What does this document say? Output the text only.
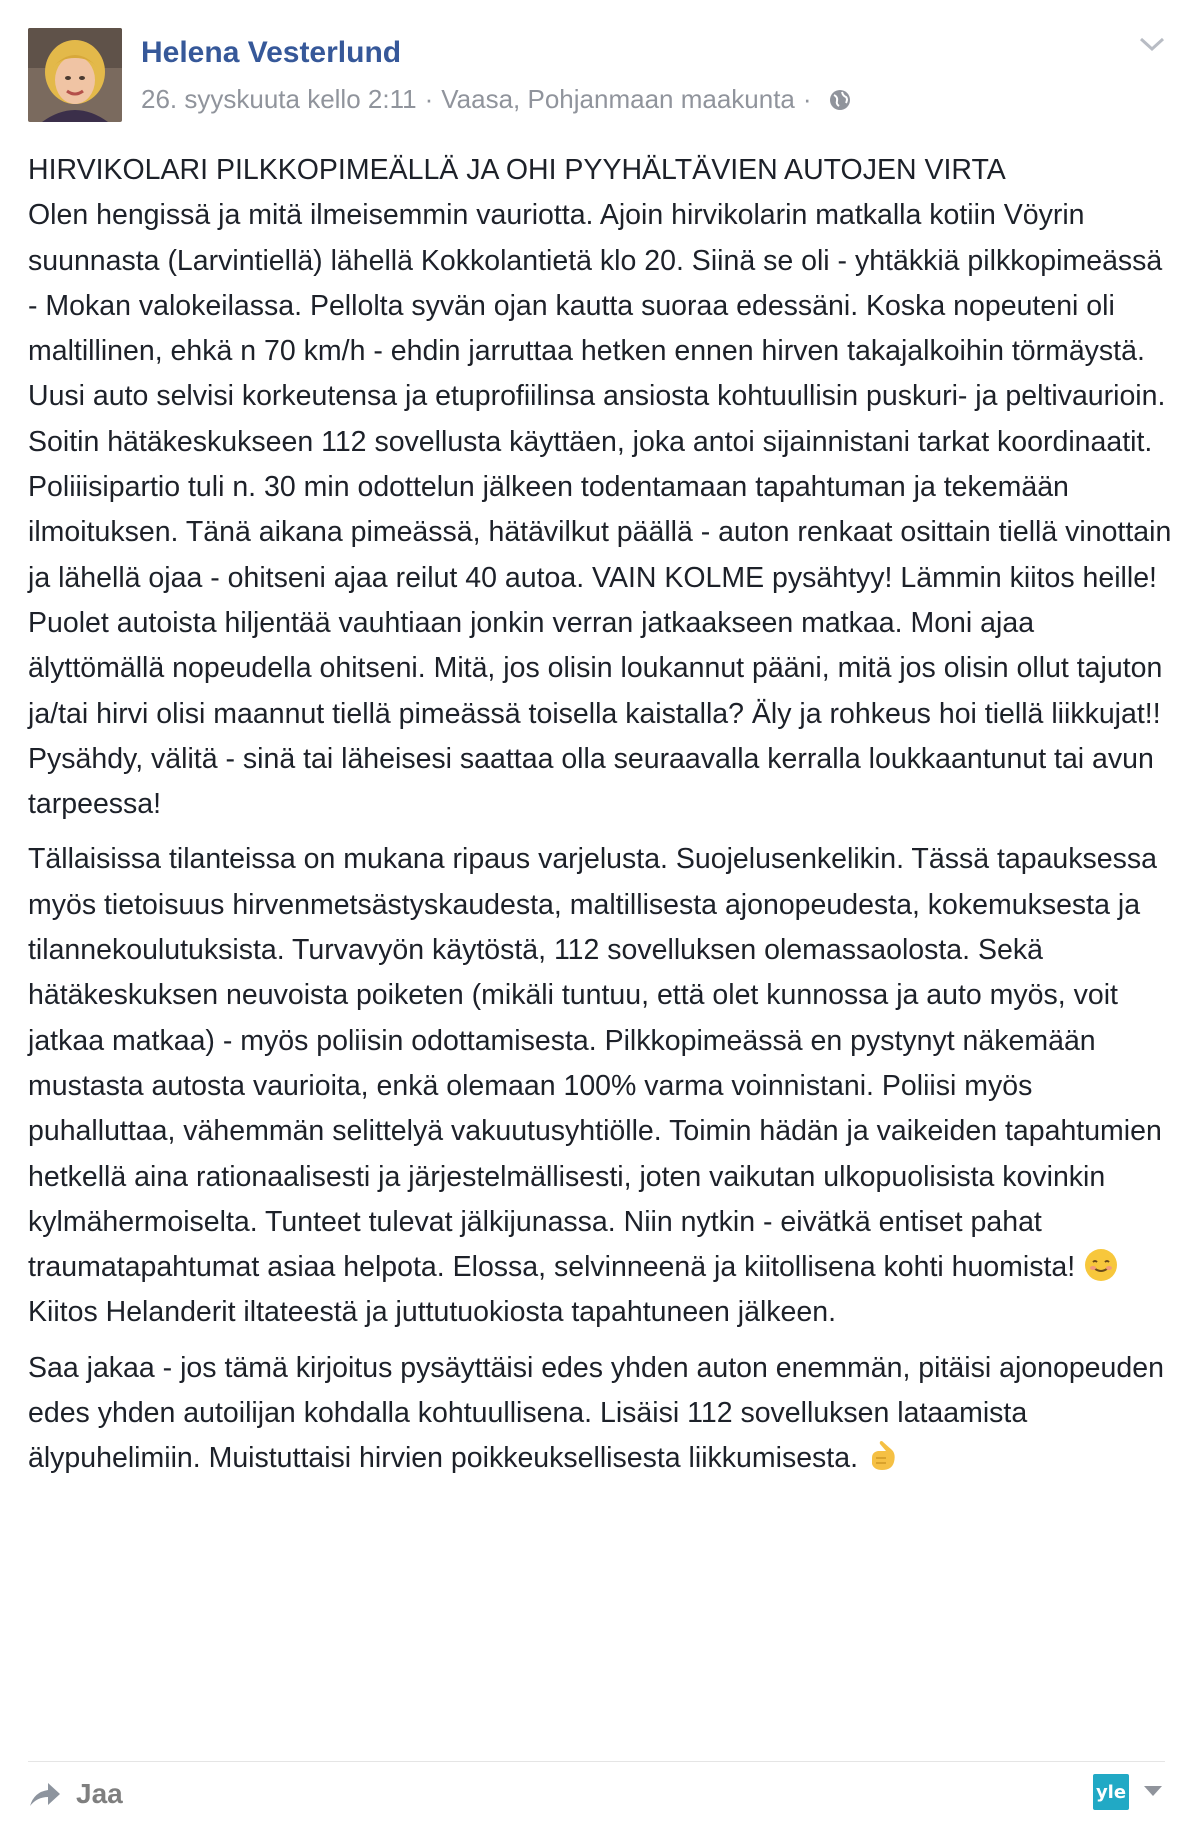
Helena Vesterlund
26. syyskuuta kello 2:11 · Vaasa, Pohjanmaan maakunta ·

HIRVIKOLARI PILKKOPIMEÄLLÄ JA OHI PYYHÄLTÄVIEN AUTOJEN VIRTA
Olen hengissä ja mitä ilmeisemmin vauriotta. Ajoin hirvikolarin matkalla kotiin Vöyrin suunnasta (Larvintiellä) lähellä Kokkolantietä klo 20. Siinä se oli - yhtäkkiä pilkkopimeässä - Mokan valokeilassa. Pellolta syvän ojan kautta suoraa edessäni. Koska nopeuteni oli maltillinen, ehkä n 70 km/h - ehdin jarruttaa hetken ennen hirven takajalkoihin törmäystä. Uusi auto selvisi korkeutensa ja etuprofiilinsa ansiosta kohtuullisin puskuri- ja peltivaurioin. Soitin hätäkeskukseen 112 sovellusta käyttäen, joka antoi sijainnistani tarkat koordinaatit. Poliiisipartio tuli n. 30 min odottelun jälkeen todentamaan tapahtuman ja tekemään ilmoituksen. Tänä aikana pimeässä, hätävilkut päällä - auton renkaat osittain tiellä vinottain ja lähellä ojaa - ohitseni ajaa reilut 40 autoa. VAIN KOLME pysähtyy! Lämmin kiitos heille! Puolet autoista hiljentää vauhtiaan jonkin verran jatkaakseen matkaa. Moni ajaa älyttömällä nopeudella ohitseni. Mitä, jos olisin loukannut pääni, mitä jos olisin ollut tajuton ja/tai hirvi olisi maannut tiellä pimeässä toisella kaistalla? Äly ja rohkeus hoi tiellä liikkujat!! Pysähdy, välitä - sinä tai läheisesi saattaa olla seuraavalla kerralla loukkaantunut tai avun tarpeessa!

Tällaisissa tilanteissa on mukana ripaus varjelusta. Suojelusenkelikin. Tässä tapauksessa myös tietoisuus hirvenmetsästyskaudesta, maltillisesta ajonopeudesta, kokemuksesta ja tilannekoulutuksista. Turvavyön käytöstä, 112 sovelluksen olemassaolosta. Sekä hätäkeskuksen neuvoista poiketen (mikäli tuntuu, että olet kunnossa ja auto myös, voit jatkaa matkaa) - myös poliisin odottamisesta. Pilkkopimeässä en pystynyt näkemään mustasta autosta vaurioita, enkä olemaan 100% varma voinnistani. Poliisi myös puhalluttaa, vähemmän selittelyä vakuutusyhtiölle. Toimin hädän ja vaikeiden tapahtumien hetkellä aina rationaalisesti ja järjestelmällisesti, joten vaikutan ulkopuolisista kovinkin kylmähermoiselta. Tunteet tulevat jälkijunassa. Niin nytkin - eivätkä entiset pahat traumatapahtumat asiaa helpota. Elossa, selvinneenä ja kiitollisena kohti huomista!  Kiitos Helanderit iltateestä ja juttutuokiosta tapahtuneen jälkeen.

Saa jakaa - jos tämä kirjoitus pysäyttäisi edes yhden auton enemmän, pitäisi ajonopeuden edes yhden autoilijan kohdalla kohtuullisena. Lisäisi 112 sovelluksen lataamista älypuhelimiin. Muistuttaisi hirvien poikkeuksellisesta liikkumisesta.

Jaa	yle
